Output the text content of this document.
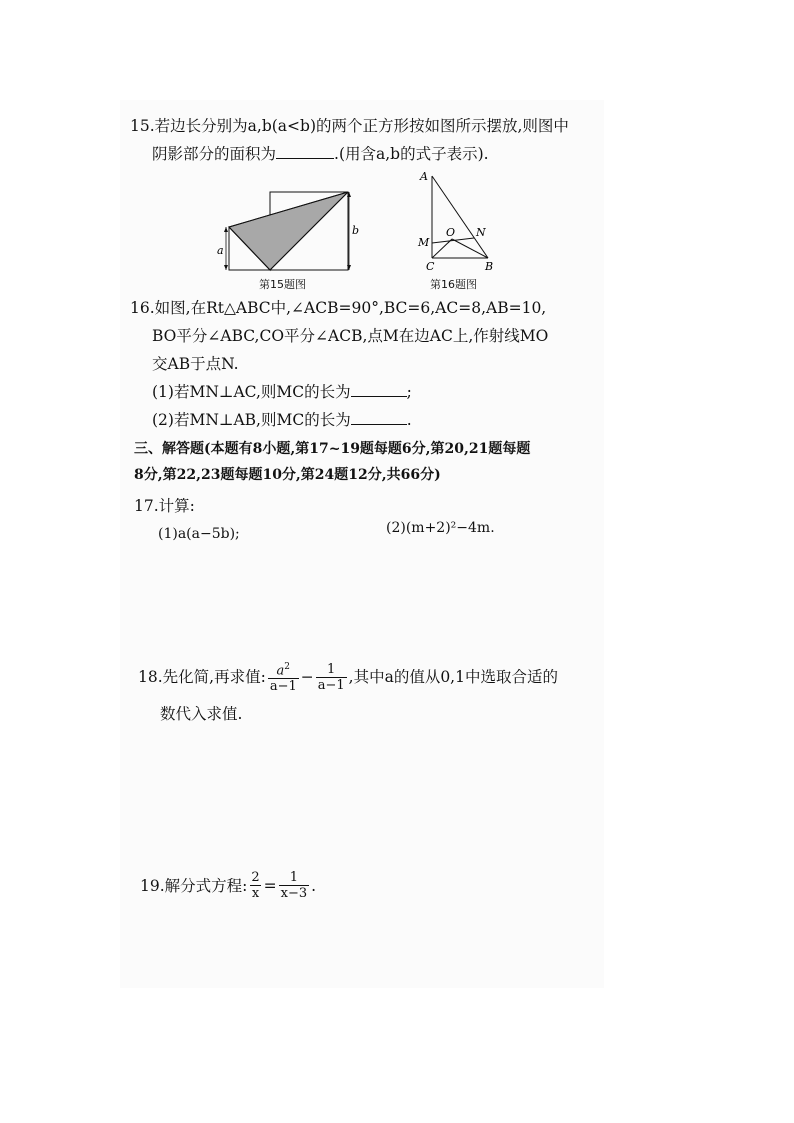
15.若边长分别为a,b(a<b)的两个正方形按如图所示摆放,则图中
阴影部分的面积为	.(用含a,b的式子表示).
a
b
第15题图
A
M
O N
C	B
第16题图
16.如图,在Rt△ABC中,∠ACB=90°,BC=6,AC=8,AB=10,
BO平分∠ABC,CO平分∠ACB,点M在边AC上,作射线MO
交AB于点N.
(1)若MN⊥AC,则MC的长为	;
(2)若MN⊥AB,则MC的长为	.
三、解答题(本题有8小题,第17~19题每题6分,第20,21题每题
8分,第22,23题每题10分,第24题12分,共66分)
17.计算:
(1)a(a−5b);	(2)(m+2)²−4m.
18.先化简,再求值: $\frac{a^2}{a-1} - \frac{1}{a-1}$ ,其中a的值从0,1中选取合适的
数代入求值.
19.解分式方程: $\frac{2}{x} = \frac{1}{x-3}$ .
